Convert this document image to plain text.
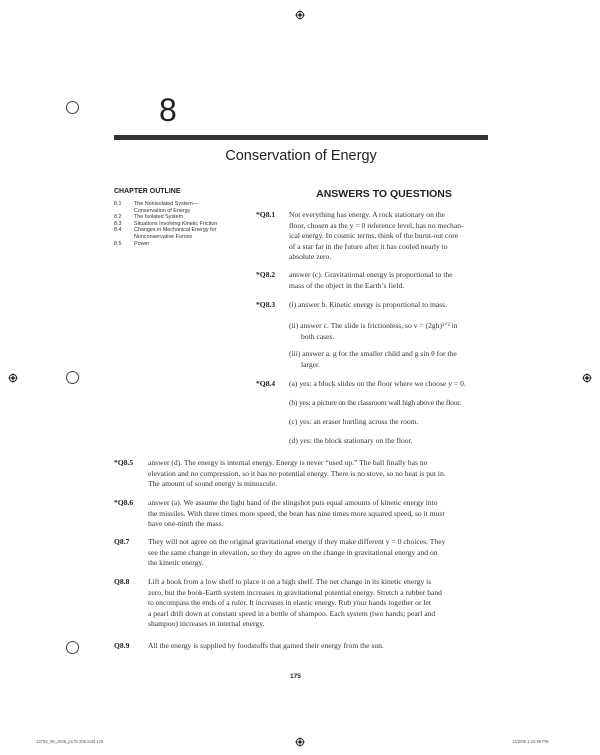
8
Conservation of Energy
CHAPTER OUTLINE
8.1	The Nonisolated System—
Conservation of Energy
8.2	The Isolated System
8.3	Situations Involving Kinetic Friction
8.4	Changes in Mechanical Energy for
Nonconservative Forces
8.5	Power
ANSWERS TO QUESTIONS
*Q8.1 Not everything has energy. A rock stationary on the
floor, chosen as the y = 0 reference level, has no mechan-
ical energy. In cosmic terms, think of the burnt-out core
of a star far in the future after it has cooled nearly to
absolute zero.
*Q8.2 answer (c). Gravitational energy is proportional to the
mass of the object in the Earth’s field.
*Q8.3 (i) answer b. Kinetic energy is proportional to mass.
(ii) answer c. The slide is frictionless, so v = (2gh)¹ᐟ² in
both cases.
(iii) answer a. g for the smaller child and g sin θ for the
larger.
*Q8.4 (a) yes: a block slides on the floor where we choose y = 0.
(b) yes: a picture on the classroom wall high above the floor.
(c) yes: an eraser hurtling across the room.
(d) yes: the block stationary on the floor.
*Q8.5 answer (d). The energy is internal energy. Energy is never “used up.” The ball finally has no
elevation and no compression, so it has no potential energy. There is no stove, so no heat is put in.
The amount of sound energy is minuscule.
*Q8.6 answer (a). We assume the light band of the slingshot puts equal amounts of kinetic energy into
the missiles. With three times more speed, the bean has nine times more squared speed, so it must
have one-ninth the mass.
Q8.7 They will not agree on the original gravitational energy if they make different y = 0 choices. They
see the same change in elevation, so they do agree on the change in gravitational energy and on
the kinetic energy.
Q8.8 Lift a book from a low shelf to place it on a high shelf. The net change in its kinetic energy is
zero, but the book-Earth system increases in gravitational potential energy. Stretch a rubber band
to encompass the ends of a ruler. It increases in elastic energy. Rub your hands together or let
a pearl drift down at constant speed in a bottle of shampoo. Each system (two hands; pearl and
shampoo) increases in internal energy.
Q8.9 All the energy is supplied by foodstuffs that gained their energy from the sun.
175
13794_08_ch08_p175-208.indd 175	12/2/06 1:24:59 PM
